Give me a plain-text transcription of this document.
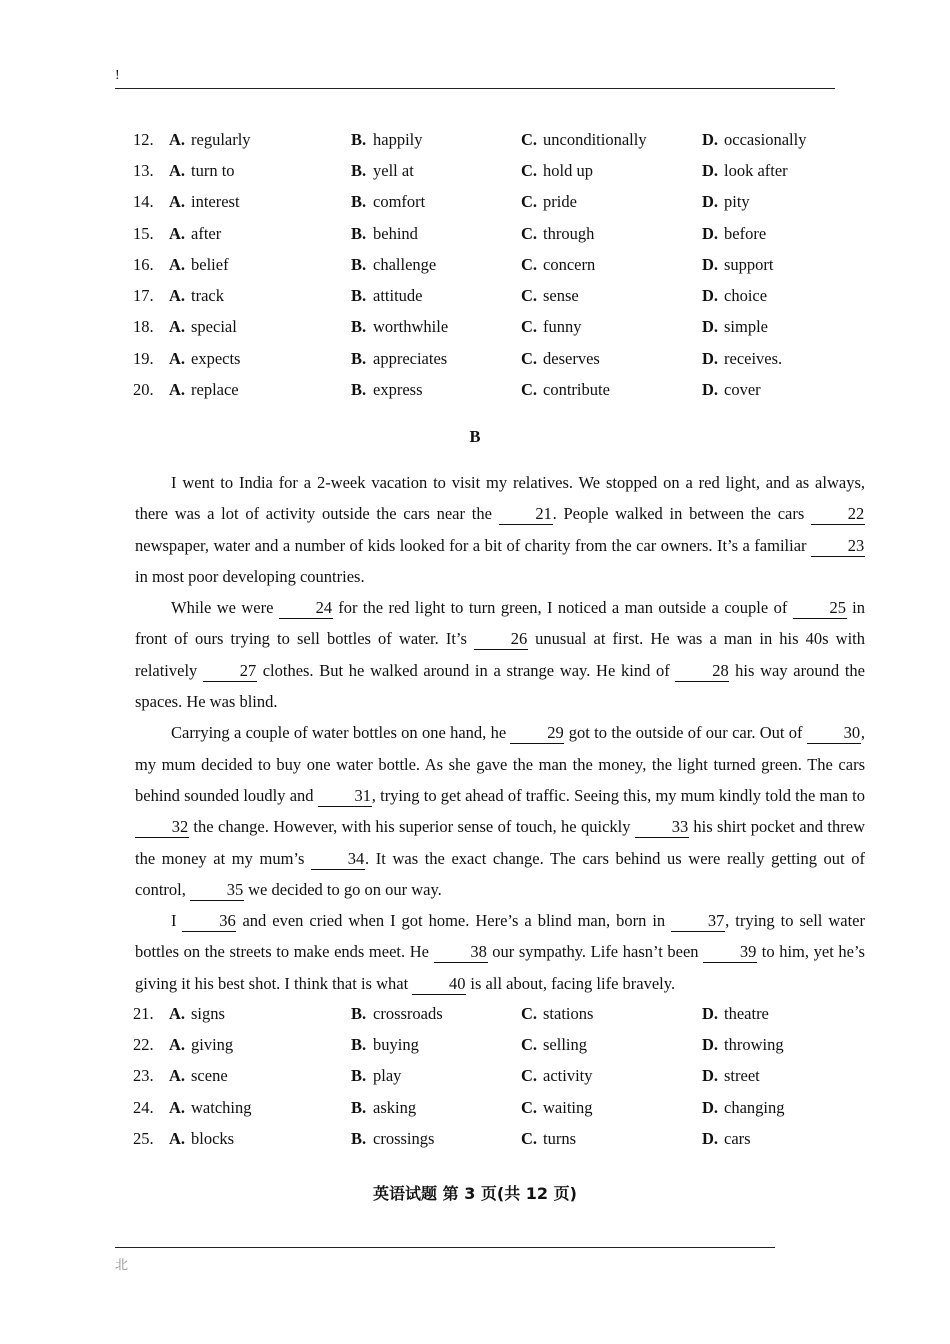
!
12. A. regularly	B. happily	C. unconditionally	D. occasionally
13. A. turn to	B. yell at	C. hold up	D. look after
14. A. interest	B. comfort	C. pride	D. pity
15. A. after	B. behind	C. through	D. before
16. A. belief	B. challenge	C. concern	D. support
17. A. track	B. attitude	C. sense	D. choice
18. A. special	B. worthwhile	C. funny	D. simple
19. A. expects	B. appreciates	C. deserves	D. receives.
20. A. replace	B. express	C. contribute	D. cover
B

I went to India for a 2-week vacation to visit my relatives. We stopped on a red light, and as always, there was a lot of activity outside the cars near the 21. People walked in between the cars 22 newspaper, water and a number of kids looked for a bit of charity from the car owners. It’s a familiar 23 in most poor developing countries.

While we were 24 for the red light to turn green, I noticed a man outside a couple of 25 in front of ours trying to sell bottles of water. It’s 26 unusual at first. He was a man in his 40s with relatively 27 clothes. But he walked around in a strange way. He kind of 28 his way around the spaces. He was blind.

Carrying a couple of water bottles on one hand, he 29 got to the outside of our car. Out of 30, my mum decided to buy one water bottle. As she gave the man the money, the light turned green. The cars behind sounded loudly and 31, trying to get ahead of traffic. Seeing this, my mum kindly told the man to 32 the change. However, with his superior sense of touch, he quickly 33 his shirt pocket and threw the money at my mum’s 34. It was the exact change. The cars behind us were really getting out of control, 35 we decided to go on our way.

I 36 and even cried when I got home. Here’s a blind man, born in 37, trying to sell water bottles on the streets to make ends meet. He 38 our sympathy. Life hasn’t been 39 to him, yet he’s giving it his best shot. I think that is what 40 is all about, facing life bravely.

21. A. signs	B. crossroads	C. stations	D. theatre
22. A. giving	B. buying	C. selling	D. throwing
23. A. scene	B. play	C. activity	D. street
24. A. watching	B. asking	C. waiting	D. changing
25. A. blocks	B. crossings	C. turns	D. cars
英语试题 第 3 页(共 12 页)
北
